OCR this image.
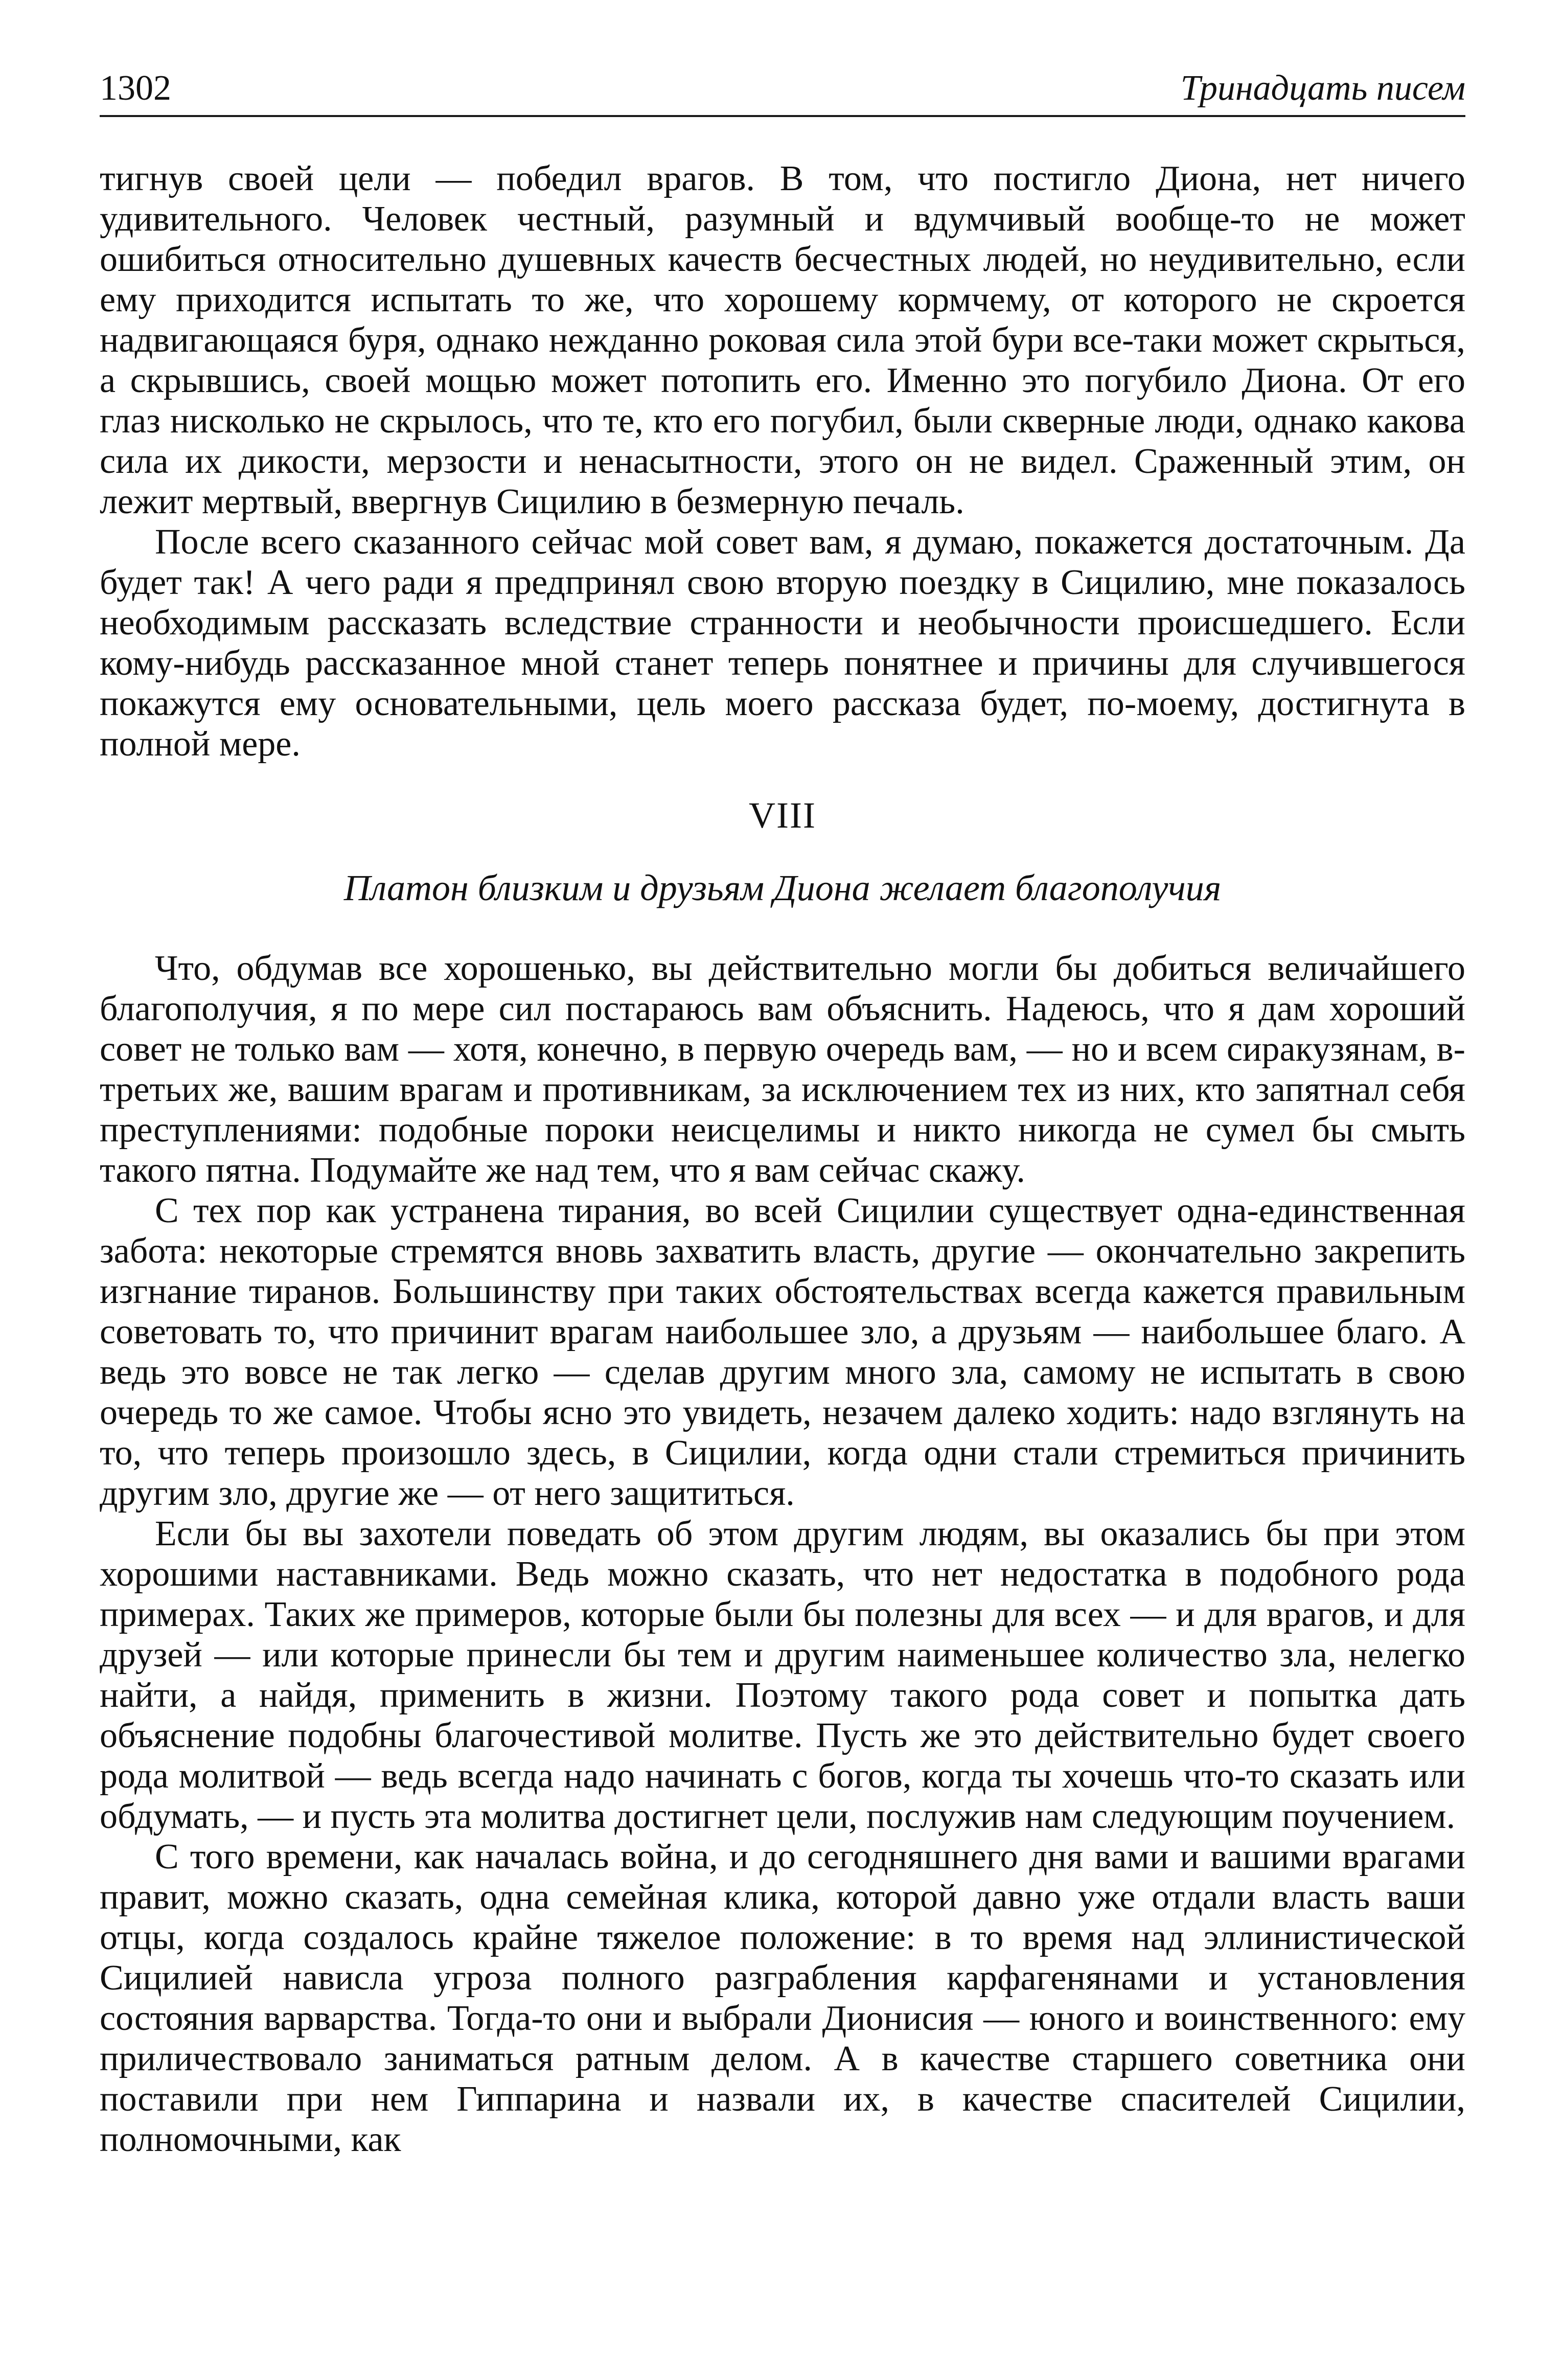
1302	Тринадцать писем

тигнув своей цели — победил врагов. В том, что постигло Диона, нет ничего удивительного. Человек честный, разумный и вдумчивый вообще-то не может ошибиться относительно душевных качеств бесчестных людей, но неудивительно, если ему приходится испытать то же, что хорошему кормчему, от которого не скроется надвигающаяся буря, однако нежданно роковая сила этой бури все-таки может скрыться, а скрывшись, своей мощью может потопить его. Именно это погубило Диона. От его глаз нисколько не скрылось, что те, кто его погубил, были скверные люди, однако какова сила их дикости, мерзости и ненасытности, этого он не видел. Сраженный этим, он лежит мертвый, ввергнув Сицилию в безмерную печаль.

После всего сказанного сейчас мой совет вам, я думаю, покажется достаточным. Да будет так! А чего ради я предпринял свою вторую поездку в Сицилию, мне показалось необходимым рассказать вследствие странности и необычности происшедшего. Если кому-нибудь рассказанное мной станет теперь понятнее и причины для случившегося покажутся ему основательными, цель моего рассказа будет, по-моему, достигнута в полной мере.

VIII
Платон близким и друзьям Диона желает благополучия

Что, обдумав все хорошенько, вы действительно могли бы добиться величайшего благополучия, я по мере сил постараюсь вам объяснить. Надеюсь, что я дам хороший совет не только вам — хотя, конечно, в первую очередь вам, — но и всем сиракузянам, в-третьих же, вашим врагам и противникам, за исключением тех из них, кто запятнал себя преступлениями: подобные пороки неисцелимы и никто никогда не сумел бы смыть такого пятна. Подумайте же над тем, что я вам сейчас скажу.

С тех пор как устранена тирания, во всей Сицилии существует одна-единственная забота: некоторые стремятся вновь захватить власть, другие — окончательно закрепить изгнание тиранов. Большинству при таких обстоятельствах всегда кажется правильным советовать то, что причинит врагам наибольшее зло, а друзьям — наибольшее благо. А ведь это вовсе не так легко — сделав другим много зла, самому не испытать в свою очередь то же самое. Чтобы ясно это увидеть, незачем далеко ходить: надо взглянуть на то, что теперь произошло здесь, в Сицилии, когда одни стали стремиться причинить другим зло, другие же — от него защититься.

Если бы вы захотели поведать об этом другим людям, вы оказались бы при этом хорошими наставниками. Ведь можно сказать, что нет недостатка в подобного рода примерах. Таких же примеров, которые были бы полезны для всех — и для врагов, и для друзей — или которые принесли бы тем и другим наименьшее количество зла, нелегко найти, а найдя, применить в жизни. Поэтому такого рода совет и попытка дать объяснение подобны благочестивой молитве. Пусть же это действительно будет своего рода молитвой — ведь всегда надо начинать с богов, когда ты хочешь что-то сказать или обдумать, — и пусть эта молитва достигнет цели, послужив нам следующим поучением.

С того времени, как началась война, и до сегодняшнего дня вами и вашими врагами правит, можно сказать, одна семейная клика, которой давно уже отдали власть ваши отцы, когда создалось крайне тяжелое положение: в то время над эллинистической Сицилией нависла угроза полного разграбления карфагенянами и установления состояния варварства. Тогда-то они и выбрали Дионисия — юного и воинственного: ему приличествовало заниматься ратным делом. А в качестве старшего советника они поставили при нем Гиппарина и назвали их, в качестве спасителей Сицилии, полномочными, как
